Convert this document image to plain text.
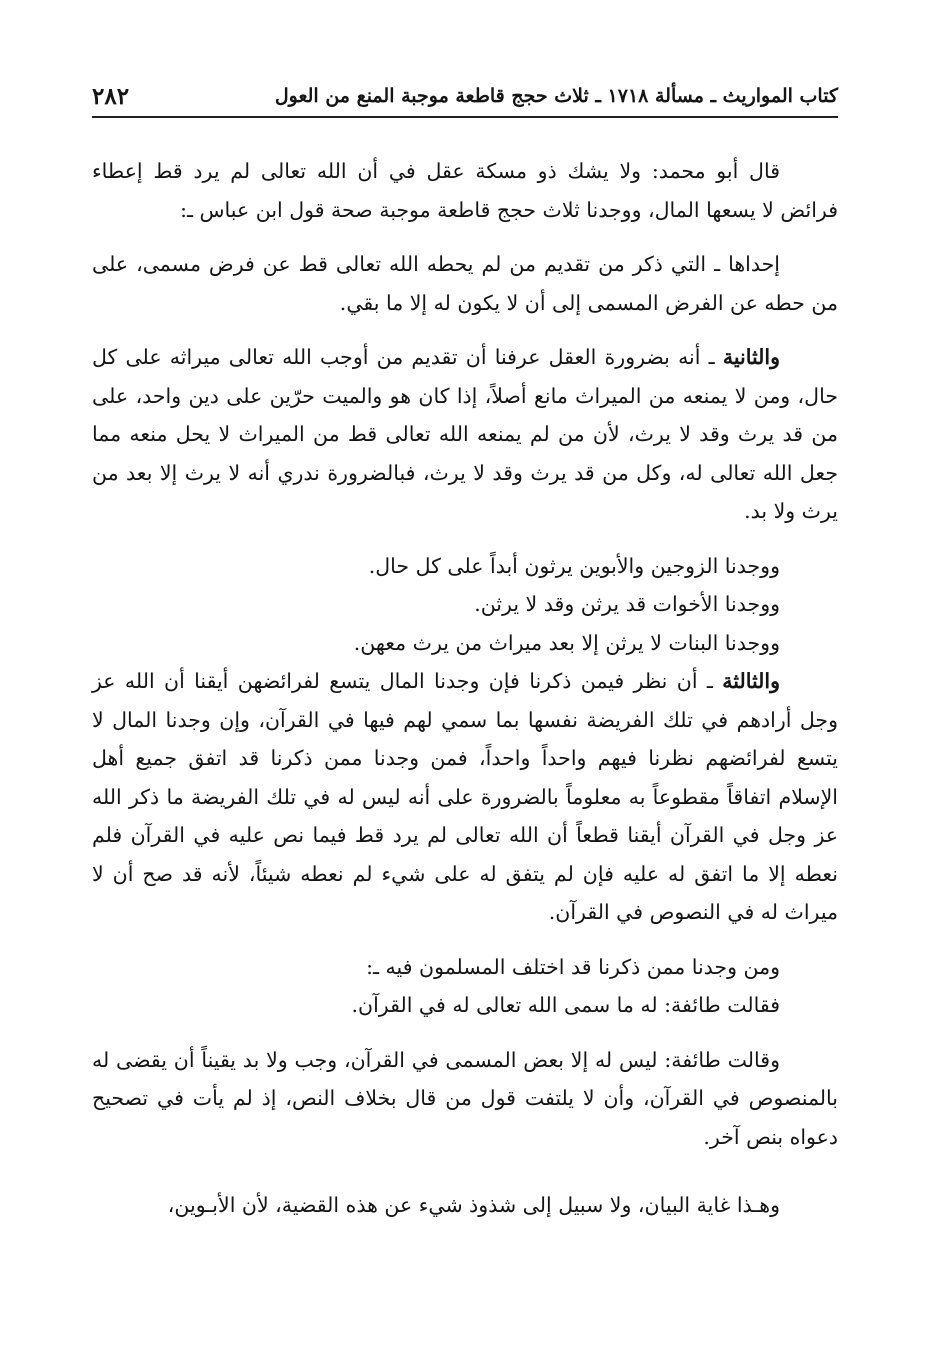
٢٨٢	كتاب المواريث ـ مسألة ١٧١٨ ـ ثلاث حجج قاطعة موجبة المنع من العول

قال أبو محمد: ولا يشك ذو مسكة عقل في أن الله تعالى لم يرد قط إعطاء فرائض لا يسعها المال، ووجدنا ثلاث حجج قاطعة موجبة صحة قول ابن عباس ـ:

إحداها ـ التي ذكر من تقديم من لم يحطه الله تعالى قط عن فرض مسمى، على من حطه عن الفرض المسمى إلى أن لا يكون له إلا ما بقي.

والثانية ـ أنه بضرورة العقل عرفنا أن تقديم من أوجب الله تعالى ميراثه على كل حال، ومن لا يمنعه من الميراث مانع أصلاً، إذا كان هو والميت حرّين على دين واحد، على من قد يرث وقد لا يرث، لأن من لم يمنعه الله تعالى قط من الميراث لا يحل منعه مما جعل الله تعالى له، وكل من قد يرث وقد لا يرث، فبالضرورة ندري أنه لا يرث إلا بعد من يرث ولا بد.

ووجدنا الزوجين والأبوين يرثون أبداً على كل حال.

ووجدنا الأخوات قد يرثن وقد لا يرثن.

ووجدنا البنات لا يرثن إلا بعد ميراث من يرث معهن.

والثالثة ـ أن نظر فيمن ذكرنا فإن وجدنا المال يتسع لفرائضهن أيقنا أن الله عز وجل أرادهم في تلك الفريضة نفسها بما سمي لهم فيها في القرآن، وإن وجدنا المال لا يتسع لفرائضهم نظرنا فيهم واحداً واحداً، فمن وجدنا ممن ذكرنا قد اتفق جميع أهل الإسلام اتفاقاً مقطوعاً به معلوماً بالضرورة على أنه ليس له في تلك الفريضة ما ذكر الله عز وجل في القرآن أيقنا قطعاً أن الله تعالى لم يرد قط فيما نص عليه في القرآن فلم نعطه إلا ما اتفق له عليه فإن لم يتفق له على شيء لم نعطه شيئاً، لأنه قد صح أن لا ميراث له في النصوص في القرآن.

ومن وجدنا ممن ذكرنا قد اختلف المسلمون فيه ـ:

فقالت طائفة: له ما سمى الله تعالى له في القرآن.

وقالت طائفة: ليس له إلا بعض المسمى في القرآن، وجب ولا بد يقيناً أن يقضى له بالمنصوص في القرآن، وأن لا يلتفت قول من قال بخلاف النص، إذ لم يأت في تصحيح دعواه بنص آخر.

وهـذا غاية البيان، ولا سبيل إلى شذوذ شيء عن هذه القضية، لأن الأبـوين،
